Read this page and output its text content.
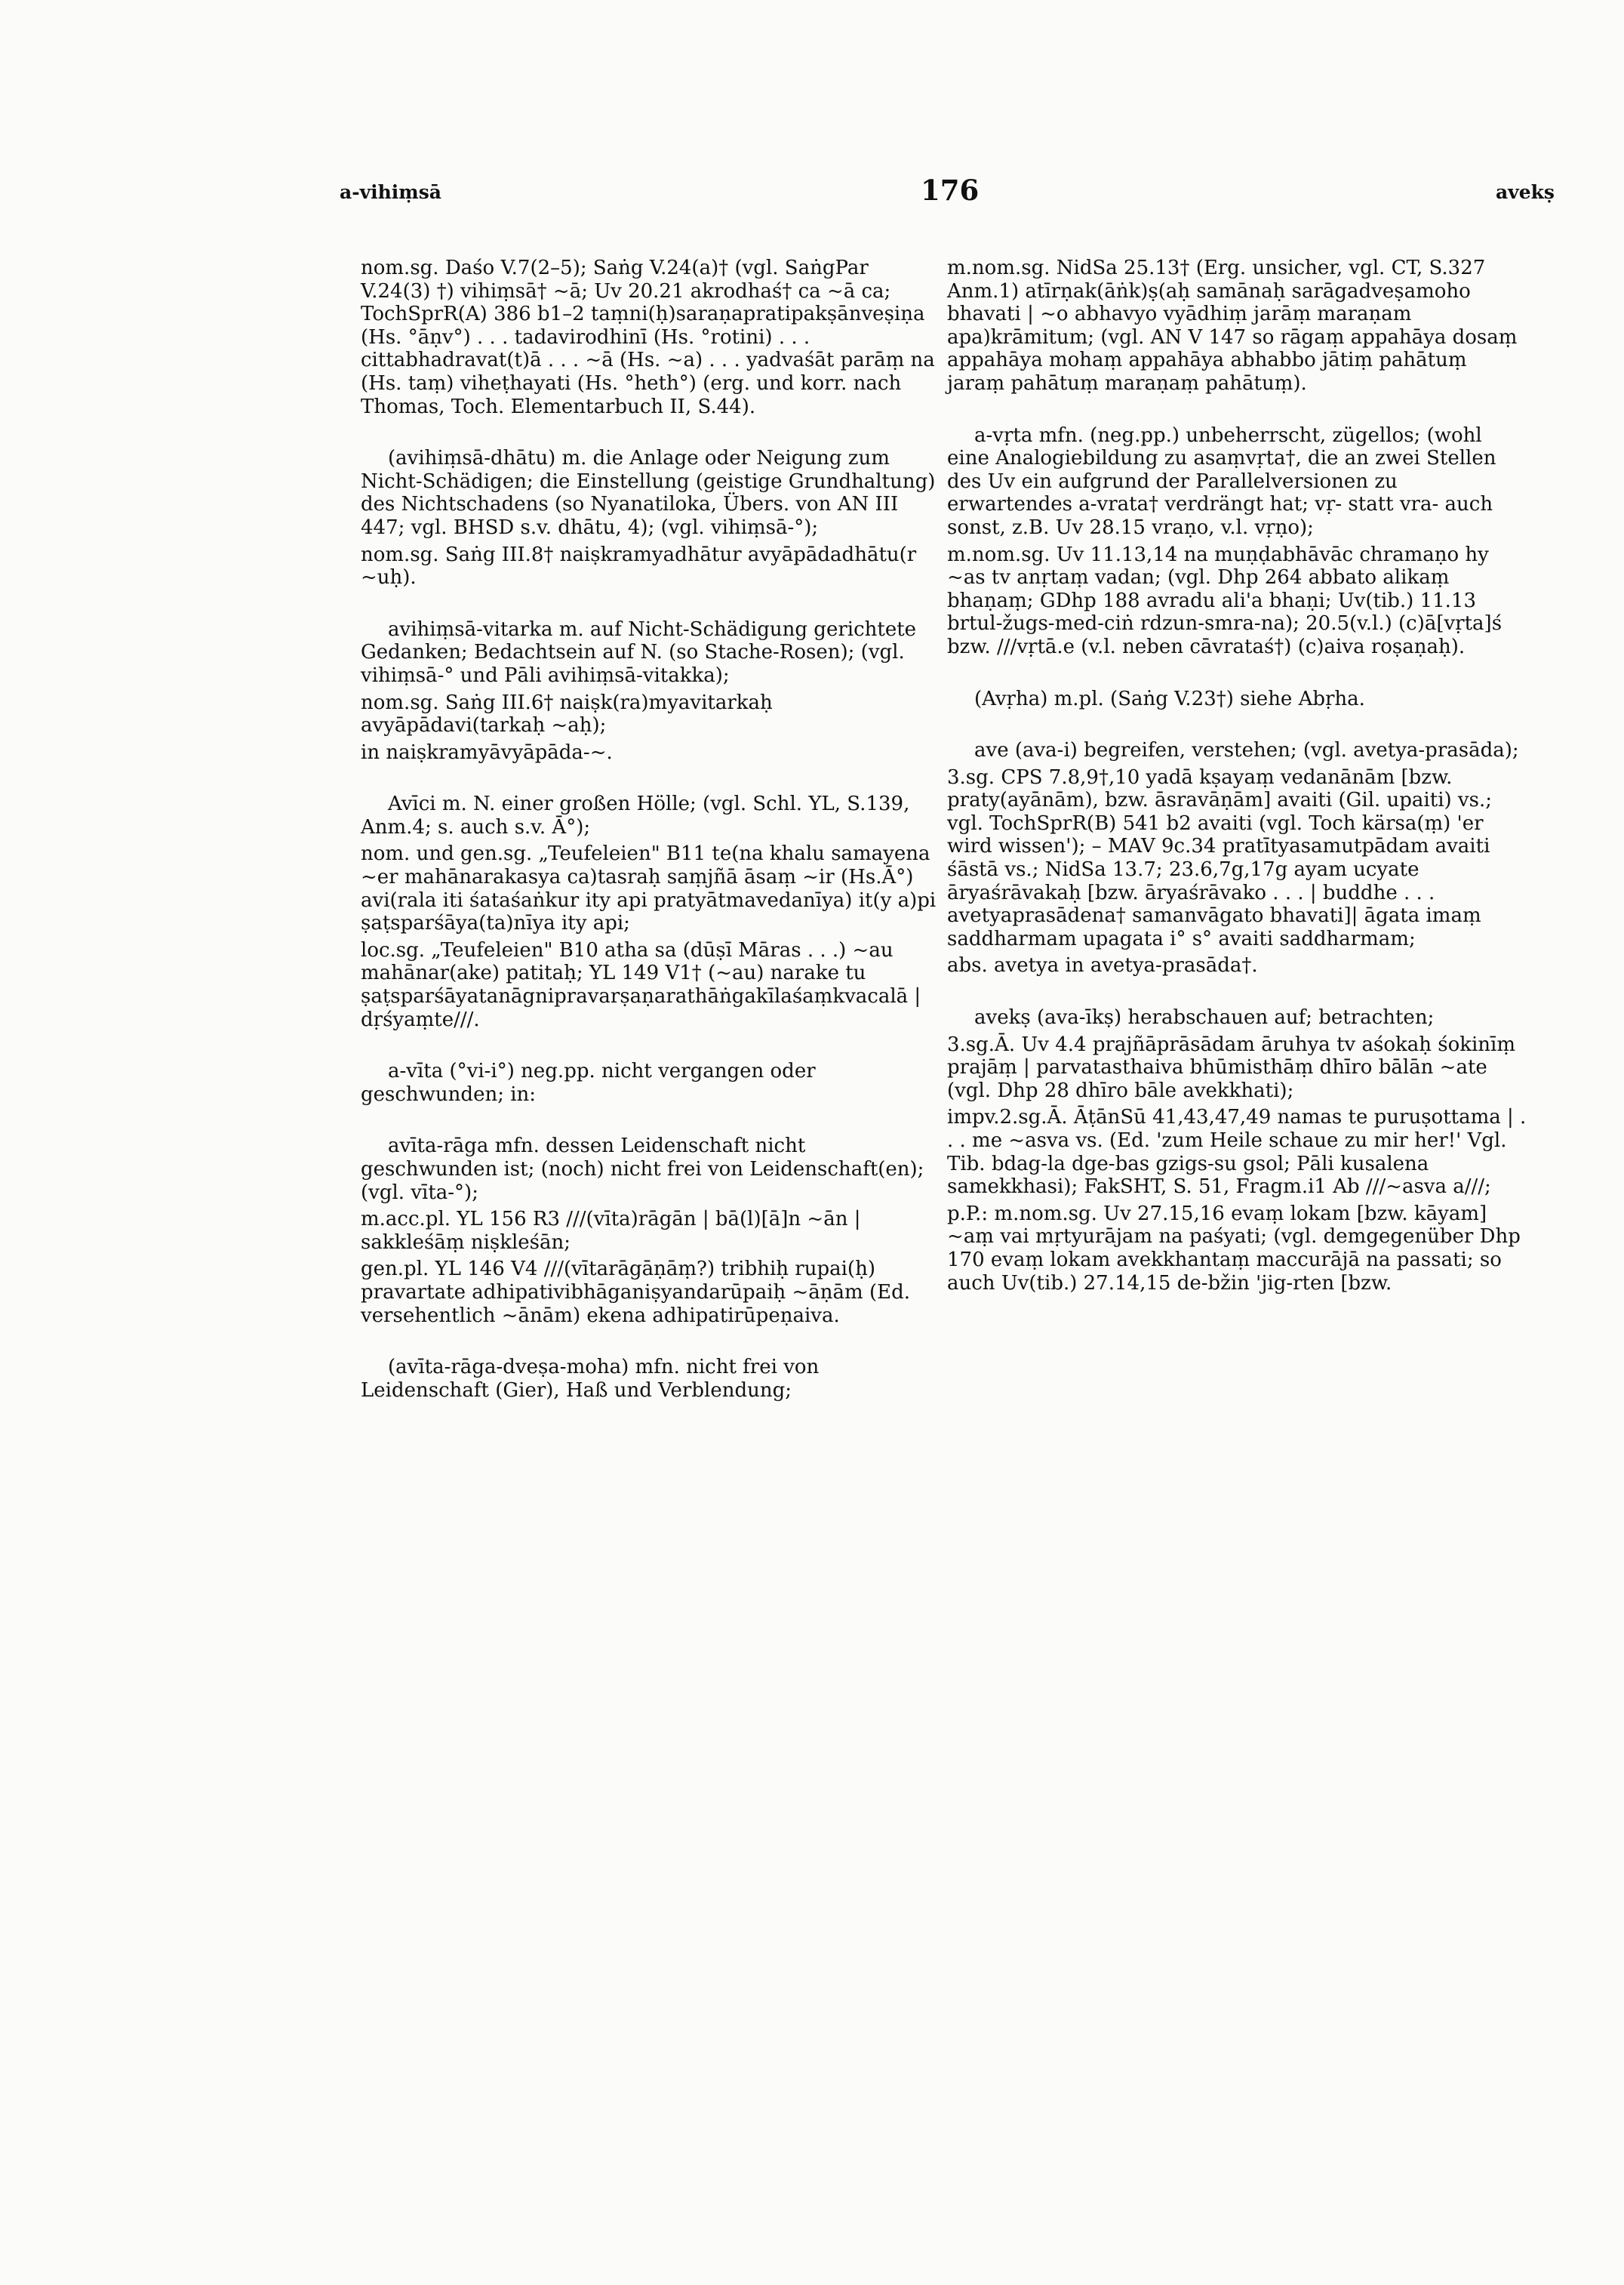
a-vihiṃsā	176	avekṣ

nom.sg. Daśo V.7(2–5); Saṅg V.24(a)† (vgl. SaṅgPar V.24(3) †) vihiṃsā† ~ā; Uv 20.21 akrodhaś† ca ~ā ca; TochSprR(A) 386 b1–2 taṃni(ḥ)saraṇapratipakṣānveṣiṇa (Hs. °āṇv°) . . . tadavirodhinī (Hs. °rotini) . . . cittabhadravat(t)ā . . . ~ā (Hs. ~a) . . . yadvaśāt parāṃ na (Hs. taṃ) viheṭhayati (Hs. °heth°) (erg. und korr. nach Thomas, Toch. Elementarbuch II, S.44).

(avihiṃsā-dhātu) m. die Anlage oder Neigung zum Nicht-Schädigen; die Einstellung (geistige Grundhaltung) des Nichtschadens (so Nyanatiloka, Übers. von AN III 447; vgl. BHSD s.v. dhātu, 4); (vgl. vihiṃsā-°);

nom.sg. Saṅg III.8† naiṣkramyadhātur avyāpādadhātu(r ~uḥ).

avihiṃsā-vitarka m. auf Nicht-Schädigung gerichtete Gedanken; Bedachtsein auf N. (so Stache-Rosen); (vgl. vihiṃsā-° und Pāli avihiṃsā-vitakka);

nom.sg. Saṅg III.6† naiṣk(ra)myavitarkaḥ avyāpādavi(tarkaḥ ~aḥ);

in naiṣkramyāvyāpāda-~.

Avīci m. N. einer großen Hölle; (vgl. Schl. YL, S.139, Anm.4; s. auch s.v. Ā°);

nom. und gen.sg. „Teufeleien" B11 te(na khalu samayena ~er mahānarakasya ca)tasraḥ saṃjñā āsaṃ ~ir (Hs.Ā°) avi(rala iti śataśaṅkur ity api pratyātmavedanīya) it(y a)pi ṣaṭsparśāya(ta)nīya ity api;

loc.sg. „Teufeleien" B10 atha sa (dūṣī Māras . . .) ~au mahānar(ake) patitaḥ; YL 149 V1† (~au) narake tu ṣaṭsparśāyatanāgnipravarṣaṇarathāṅgakīlaśaṃkvacalā | dṛśyaṃte///.

a-vīta (°vi-i°) neg.pp. nicht vergangen oder geschwunden; in:

avīta-rāga mfn. dessen Leidenschaft nicht geschwunden ist; (noch) nicht frei von Leidenschaft(en); (vgl. vīta-°);

m.acc.pl. YL 156 R3 ///(vīta)rāgān | bā(l)[ā]n ~ān | sakkleśāṃ niṣkleśān;

gen.pl. YL 146 V4 ///(vītarāgāṇāṃ?) tribhiḥ rupai(ḥ) pravartate adhipativibhāganiṣyandarūpaiḥ ~āṇām (Ed. versehentlich ~ānām) ekena adhipatirūpeṇaiva.

(avīta-rāga-dveṣa-moha) mfn. nicht frei von Leidenschaft (Gier), Haß und Verblendung;

m.nom.sg. NidSa 25.13† (Erg. unsicher, vgl. CT, S.327 Anm.1) atīrṇak(āṅk)ṣ(aḥ samānaḥ sarāgadveṣamoho bhavati | ~o abhavyo vyādhiṃ jarāṃ maraṇam apa)krāmitum; (vgl. AN V 147 so rāgaṃ appahāya dosaṃ appahāya mohaṃ appahāya abhabbo jātiṃ pahātuṃ jaraṃ pahātuṃ maraṇaṃ pahātuṃ).

a-vṛta mfn. (neg.pp.) unbeherrscht, zügellos; (wohl eine Analogiebildung zu asaṃvṛta†, die an zwei Stellen des Uv ein aufgrund der Parallelversionen zu erwartendes a-vrata† verdrängt hat; vṛ- statt vra- auch sonst, z.B. Uv 28.15 vraṇo, v.l. vṛṇo);

m.nom.sg. Uv 11.13,14 na muṇḍabhāvāc chramaṇo hy ~as tv anṛtaṃ vadan; (vgl. Dhp 264 abbato alikaṃ bhaṇaṃ; GDhp 188 avradu ali'a bhaṇi; Uv(tib.) 11.13 brtul-žugs-med-ciṅ rdzun-smra-na); 20.5(v.l.) (c)ā[vṛta]ś bzw. ///vṛtā.e (v.l. neben cāvrataś†) (c)aiva roṣaṇaḥ).

(Avṛha) m.pl. (Saṅg V.23†) siehe Abṛha.

ave (ava-i) begreifen, verstehen; (vgl. avetya-prasāda);

3.sg. CPS 7.8,9†,10 yadā kṣayaṃ vedanānām [bzw. praty(ayānām), bzw. āsravāṇām] avaiti (Gil. upaiti) vs.; vgl. TochSprR(B) 541 b2 avaiti (vgl. Toch kärsa(ṃ) 'er wird wissen'); – MAV 9c.34 pratītyasamutpādam avaiti śāstā vs.; NidSa 13.7; 23.6,7g,17g ayam ucyate āryaśrāvakaḥ [bzw. āryaśrāvako . . . | buddhe . . . avetyaprasādena† samanvāgato bhavati]| āgata imaṃ saddharmam upagata i° s° avaiti saddharmam;

abs. avetya in avetya-prasāda†.

avekṣ (ava-īkṣ) herabschauen auf; betrachten;

3.sg.Ā. Uv 4.4 prajñāprāsādam āruhya tv aśokaḥ śokinīṃ prajāṃ | parvatasthaiva bhūmisthāṃ dhīro bālān ~ate (vgl. Dhp 28 dhīro bāle avekkhati);

impv.2.sg.Ā. ĀṭānSū 41,43,47,49 namas te puruṣottama | . . . me ~asva vs. (Ed. 'zum Heile schaue zu mir her!' Vgl. Tib. bdag-la dge-bas gzigs-su gsol; Pāli kusalena samekkhasi); FakSHT, S. 51, Fragm.i1 Ab ///~asva a///;

p.P.: m.nom.sg. Uv 27.15,16 evaṃ lokam [bzw. kāyam] ~aṃ vai mṛtyurājam na paśyati; (vgl. demgegenüber Dhp 170 evaṃ lokam avekkhantaṃ maccurājā na passati; so auch Uv(tib.) 27.14,15 de-bžin 'jig-rten [bzw.
